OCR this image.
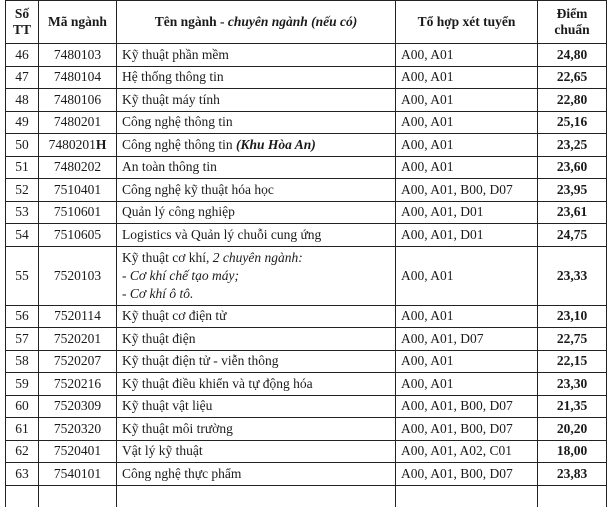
Số
TT	Mã ngành	Tên ngành - chuyên ngành (nếu có)	Tổ hợp xét tuyển	Điểm
chuẩn
46	7480103	Kỹ thuật phần mềm	A00, A01	24,80
47	7480104	Hệ thống thông tin	A00, A01	22,65
48	7480106	Kỹ thuật máy tính	A00, A01	22,80
49	7480201	Công nghệ thông tin	A00, A01	25,16
50	7480201H	Công nghệ thông tin (Khu Hòa An)	A00, A01	23,25
51	7480202	An toàn thông tin	A00, A01	23,60
52	7510401	Công nghệ kỹ thuật hóa học	A00, A01, B00, D07	23,95
53	7510601	Quản lý công nghiệp	A00, A01, D01	23,61
54	7510605	Logistics và Quản lý chuỗi cung ứng	A00, A01, D01	24,75
55	7520103	Kỹ thuật cơ khí, 2 chuyên ngành:
- Cơ khí chế tạo máy;
- Cơ khí ô tô.	A00, A01	23,33
56	7520114	Kỹ thuật cơ điện tử	A00, A01	23,10
57	7520201	Kỹ thuật điện	A00, A01, D07	22,75
58	7520207	Kỹ thuật điện tử - viễn thông	A00, A01	22,15
59	7520216	Kỹ thuật điều khiển và tự động hóa	A00, A01	23,30
60	7520309	Kỹ thuật vật liệu	A00, A01, B00, D07	21,35
61	7520320	Kỹ thuật môi trường	A00, A01, B00, D07	20,20
62	7520401	Vật lý kỹ thuật	A00, A01, A02, C01	18,00
63	7540101	Công nghệ thực phẩm	A00, A01, B00, D07	23,83
